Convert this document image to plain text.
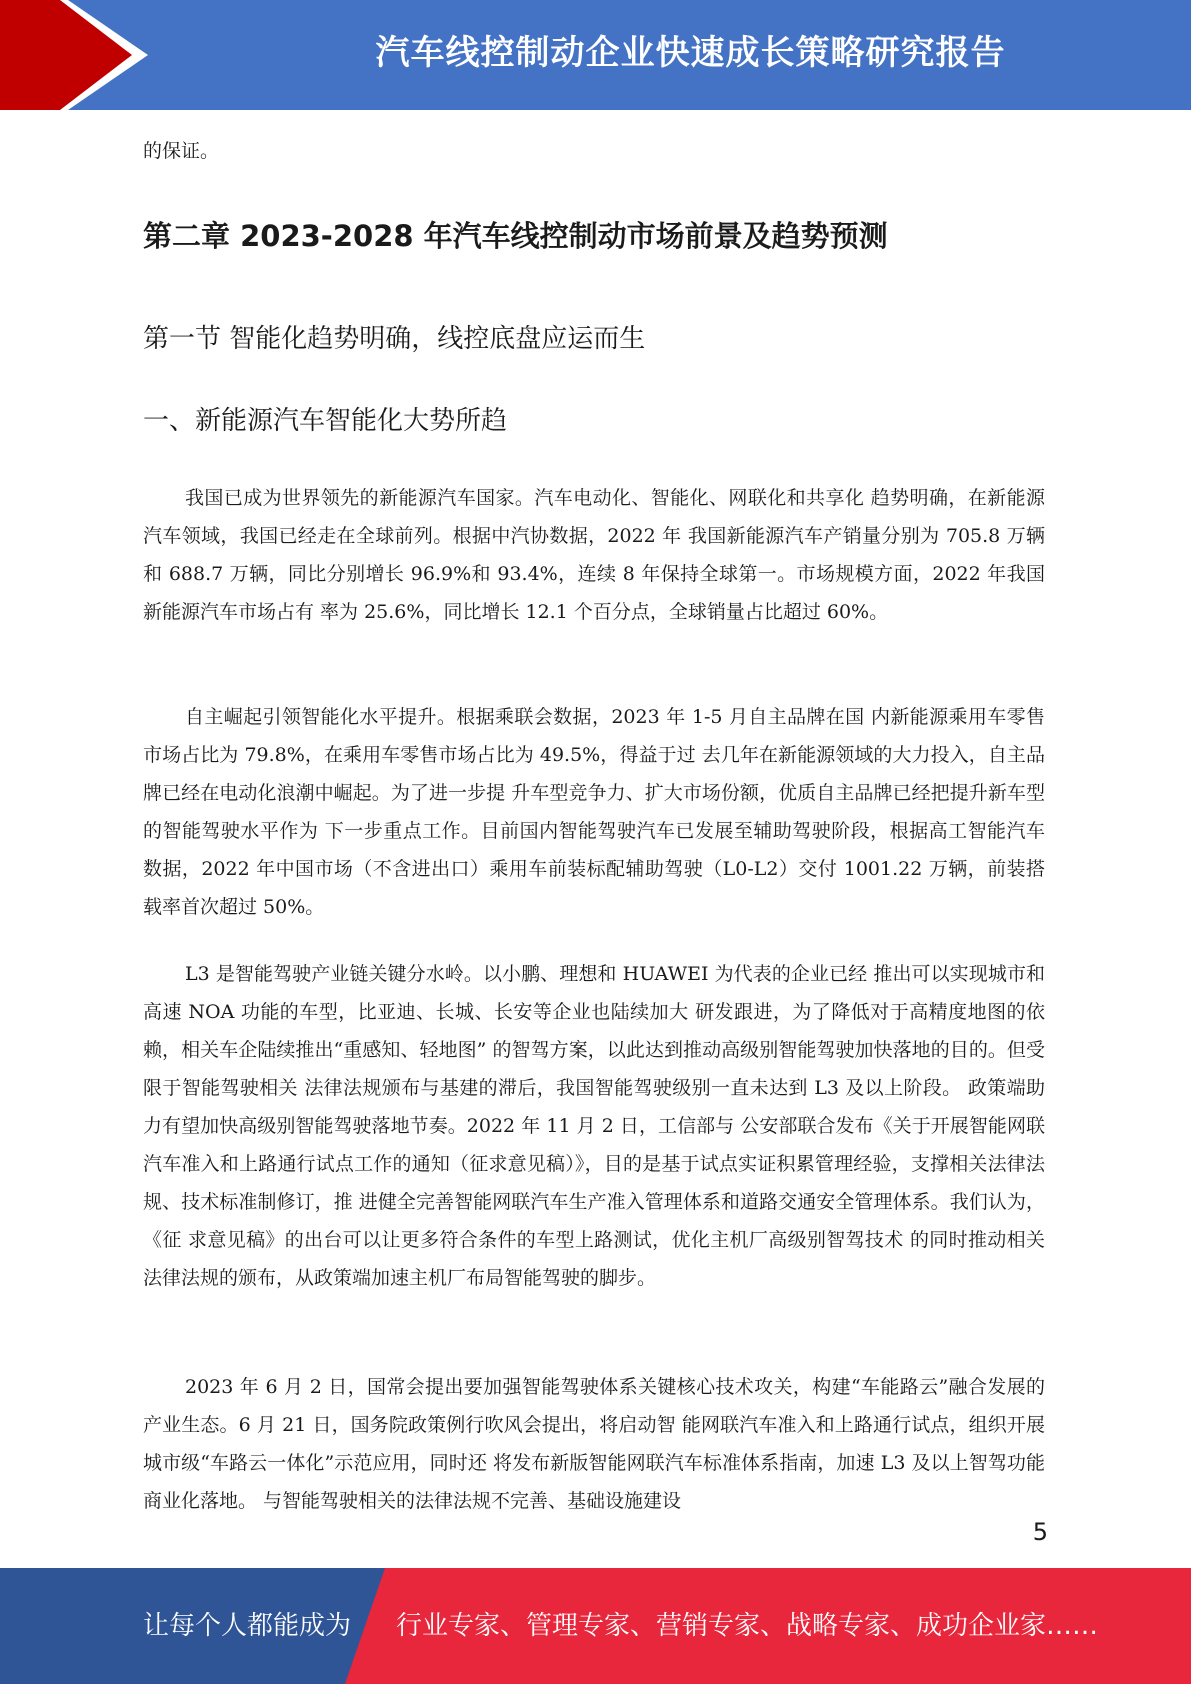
汽车线控制动企业快速成长策略研究报告
的保证。
第二章 2023-2028 年汽车线控制动市场前景及趋势预测
第一节 智能化趋势明确，线控底盘应运而生
一、新能源汽车智能化大势所趋

我国已成为世界领先的新能源汽车国家。汽车电动化、智能化、网联化和共享化 趋势明确，在新能源汽车领域，我国已经走在全球前列。根据中汽协数据，2022 年 我国新能源汽车产销量分别为 705.8 万辆和 688.7 万辆，同比分别增长 96.9%和 93.4%，连续 8 年保持全球第一。市场规模方面，2022 年我国新能源汽车市场占有 率为 25.6%，同比增长 12.1 个百分点，全球销量占比超过 60%。

自主崛起引领智能化水平提升。根据乘联会数据，2023 年 1-5 月自主品牌在国 内新能源乘用车零售市场占比为 79.8%，在乘用车零售市场占比为 49.5%，得益于过 去几年在新能源领域的大力投入，自主品牌已经在电动化浪潮中崛起。为了进一步提 升车型竞争力、扩大市场份额，优质自主品牌已经把提升新车型的智能驾驶水平作为 下一步重点工作。目前国内智能驾驶汽车已发展至辅助驾驶阶段，根据高工智能汽车 数据，2022 年中国市场（不含进出口）乘用车前装标配辅助驾驶（L0-L2）交付 1001.22 万辆，前装搭载率首次超过 50%。

L3 是智能驾驶产业链关键分水岭。以小鹏、理想和 HUAWEI 为代表的企业已经 推出可以实现城市和高速 NOA 功能的车型，比亚迪、长城、长安等企业也陆续加大 研发跟进，为了降低对于高精度地图的依赖，相关车企陆续推出“重感知、轻地图” 的智驾方案，以此达到推动高级别智能驾驶加快落地的目的。但受限于智能驾驶相关 法律法规颁布与基建的滞后，我国智能驾驶级别一直未达到 L3 及以上阶段。 政策端助力有望加快高级别智能驾驶落地节奏。2022 年 11 月 2 日，工信部与 公安部联合发布《关于开展智能网联汽车准入和上路通行试点工作的通知（征求意见稿）》，目的是基于试点实证积累管理经验，支撑相关法律法规、技术标准制修订，推 进健全完善智能网联汽车生产准入管理体系和道路交通安全管理体系。我们认为，《征 求意见稿》的出台可以让更多符合条件的车型上路测试，优化主机厂高级别智驾技术 的同时推动相关法律法规的颁布，从政策端加速主机厂布局智能驾驶的脚步。

2023 年 6 月 2 日，国常会提出要加强智能驾驶体系关键核心技术攻关，构建“车能路云”融合发展的产业生态。6 月 21 日，国务院政策例行吹风会提出，将启动智 能网联汽车准入和上路通行试点，组织开展城市级“车路云一体化”示范应用，同时还 将发布新版智能网联汽车标准体系指南，加速 L3 及以上智驾功能商业化落地。 与智能驾驶相关的法律法规不完善、基础设施建设

5
让每个人都能成为 行业专家、管理专家、营销专家、战略专家、成功企业家……
